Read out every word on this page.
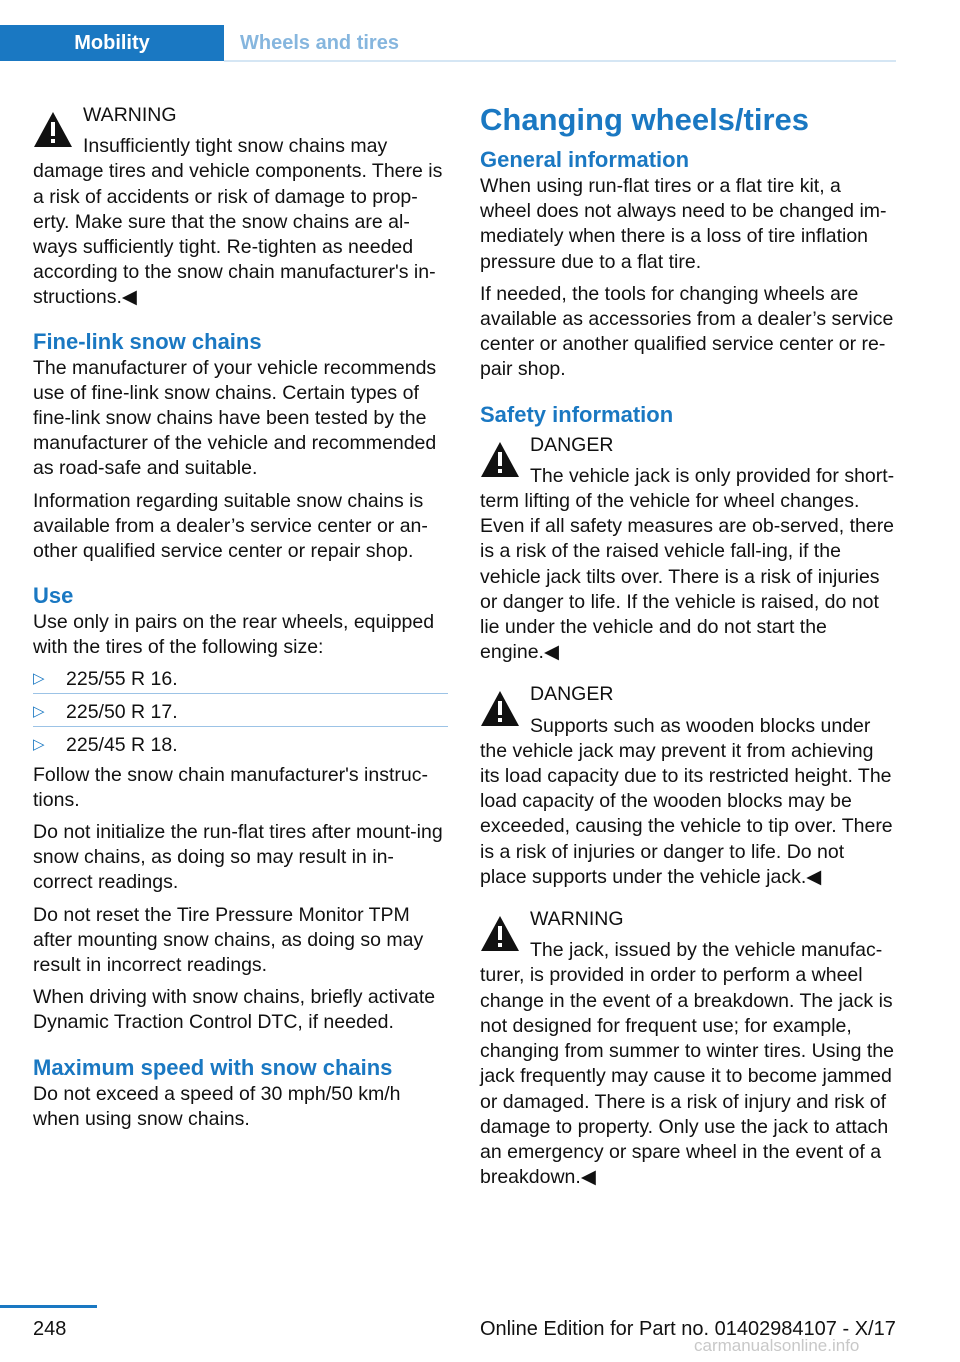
Mobility	Wheels and tires
WARNING

Insufficiently tight snow chains may damage tires and vehicle components. There is a risk of accidents or risk of damage to prop‐erty. Make sure that the snow chains are al‐ways sufficiently tight. Re-tighten as needed according to the snow chain manufacturer's in‐structions.◀

Fine-link snow chains

The manufacturer of your vehicle recommends use of fine-link snow chains. Certain types of fine-link snow chains have been tested by the manufacturer of the vehicle and recommended as road-safe and suitable.

Information regarding suitable snow chains is available from a dealer’s service center or an‐other qualified service center or repair shop.

Use

Use only in pairs on the rear wheels, equipped with the tires of the following size:

▷ 225/55 R 16.
▷ 225/50 R 17.
▷ 225/45 R 18.

Follow the snow chain manufacturer's instruc‐tions.

Do not initialize the run-flat tires after mount‐ing snow chains, as doing so may result in in‐correct readings.

Do not reset the Tire Pressure Monitor TPM after mounting snow chains, as doing so may result in incorrect readings.

When driving with snow chains, briefly activate Dynamic Traction Control DTC, if needed.

Maximum speed with snow chains

Do not exceed a speed of 30 mph/50 km/h when using snow chains.

Changing wheels/tires
General information

When using run-flat tires or a flat tire kit, a wheel does not always need to be changed im‐mediately when there is a loss of tire inflation pressure due to a flat tire.

If needed, the tools for changing wheels are available as accessories from a dealer’s service center or another qualified service center or re‐pair shop.

Safety information
DANGER

The vehicle jack is only provided for short-term lifting of the vehicle for wheel changes. Even if all safety measures are ob‐served, there is a risk of the raised vehicle fall‐ing, if the vehicle jack tilts over. There is a risk of injuries or danger to life. If the vehicle is raised, do not lie under the vehicle and do not start the engine.◀

DANGER

Supports such as wooden blocks under the vehicle jack may prevent it from achieving its load capacity due to its restricted height. The load capacity of the wooden blocks may be exceeded, causing the vehicle to tip over. There is a risk of injuries or danger to life. Do not place supports under the vehicle jack.◀

WARNING

The jack, issued by the vehicle manufac‐turer, is provided in order to perform a wheel change in the event of a breakdown. The jack is not designed for frequent use; for example, changing from summer to winter tires. Using the jack frequently may cause it to become jammed or damaged. There is a risk of injury and risk of damage to property. Only use the jack to attach an emergency or spare wheel in the event of a breakdown.◀

248	Online Edition for Part no. 01402984107 - X/17
carmanualsonline.info
